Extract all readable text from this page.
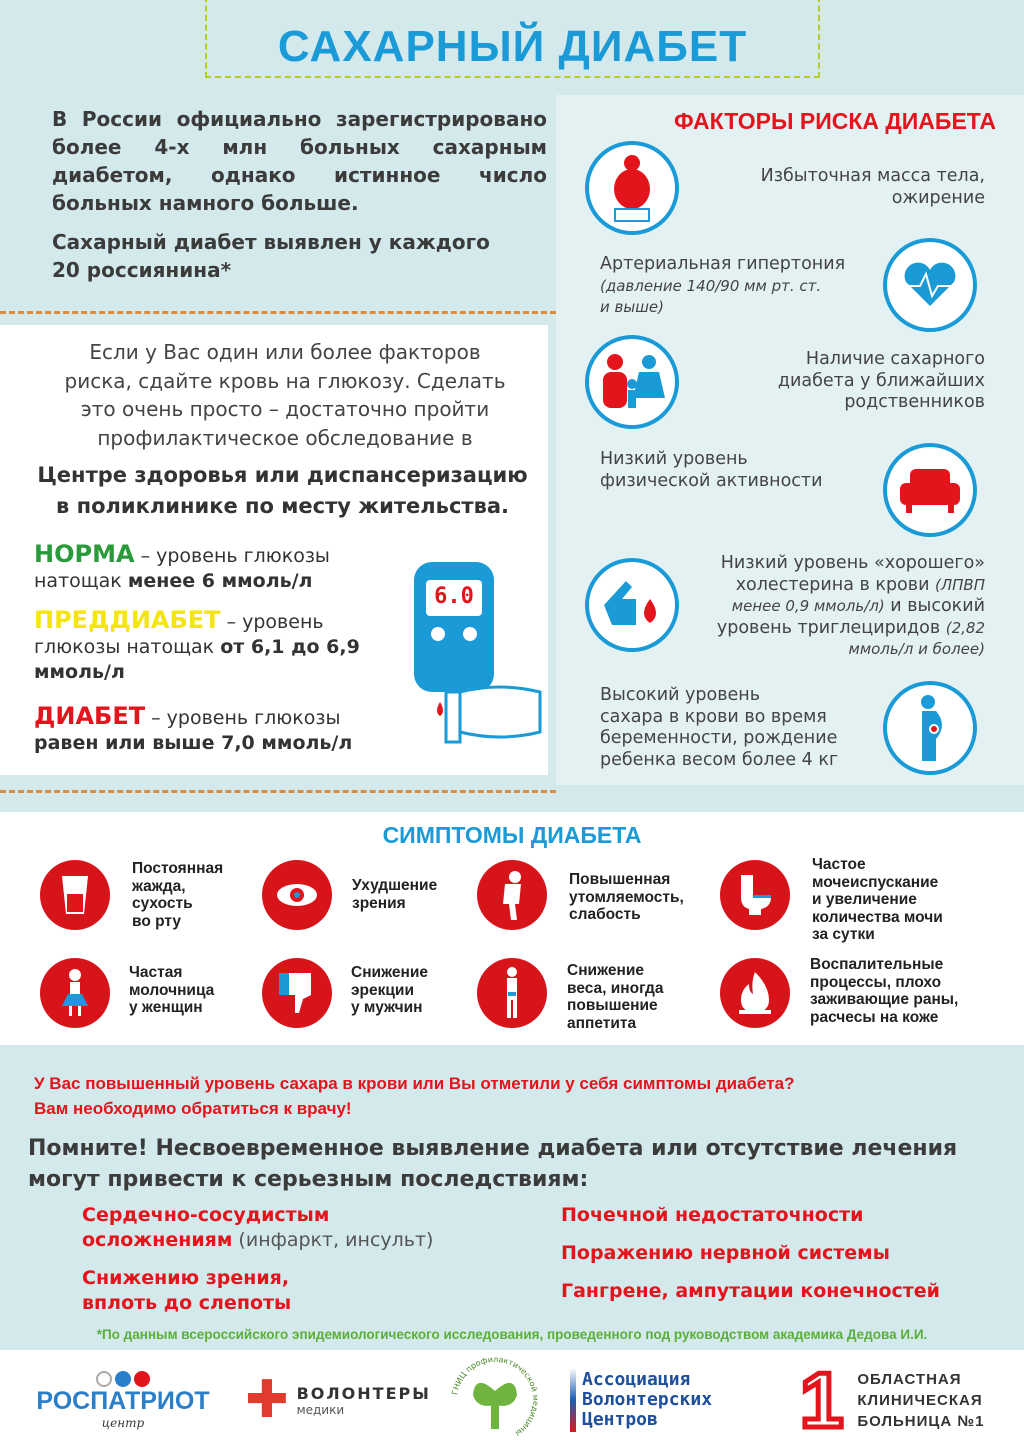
САХАРНЫЙ ДИАБЕТ

В России официально зарегистрировано более 4-х млн больных сахарным диабетом, однако истинное число больных намного больше.

Сахарный диабет выявлен у каждого
20 россиянина*

Если у Вас один или более факторов
риска, сдайте кровь на глюкозу. Сделать
это очень просто – достаточно пройти
профилактическое обследование в

Центре здоровья или диспансеризацию
в поликлинике по месту жительства.

НОРМА – уровень глюкозы натощак менее 6 ммоль/л

ПРЕДДИАБЕТ – уровень глюкозы натощак от 6,1 до 6,9 ммоль/л

ДИАБЕТ – уровень глюкозы равен или выше 7,0 ммоль/л

6.0
ФАКТОРЫ РИСКА ДИАБЕТА

Избыточная масса тела,
ожирение

Артериальная гипертония
(давление 140/90 мм рт. ст.
и выше)

Наличие сахарного
диабета у ближайших
родственников

Низкий уровень
физической активности

Низкий уровень «хорошего»
холестерина в крови (ЛПВП
менее 0,9 ммоль/л) и высокий
уровень триглециридов (2,82
ммоль/л и более)

Высокий уровень
сахара в крови во время
беременности, рождение
ребенка весом более 4 кг

СИМПТОМЫ ДИАБЕТА

Постоянная
жажда,
сухость
во рту

Ухудшение
зрения

Повышенная
утомляемость,
слабость

Частое
мочеиспускание
и увеличение
количества мочи
за сутки

Частая
молочница
у женщин

Снижение
эрекции
у мужчин

Снижение
веса, иногда
повышение
аппетита

Воспалительные
процессы, плохо
заживающие раны,
расчесы на коже

У Вас повышенный уровень сахара в крови или Вы отметили у себя симптомы диабета?

Вам необходимо обратиться к врачу!

Помните! Несвоевременное выявление диабета или отсутствие лечения
могут привести к серьезным последствиям:

Сердечно-сосудистым
осложнениям (инфаркт, инсульт)

Снижению зрения,
вплоть до слепоты

Почечной недостаточности

Поражению нервной системы

Гангрене, ампутации конечностей

*По данным всероссийского эпидемиологического исследования, проведенного под руководством академика Дедова И.И.

РОСПАТРИОТ
центр ✚ ВОЛОНТЕРЫ
медики
ГНИЦ профилактической медицины
Ассоциация
Волонтерских
Центров	1 ОБЛАСТНАЯ
КЛИНИЧЕСКАЯ
БОЛЬНИЦА №1
